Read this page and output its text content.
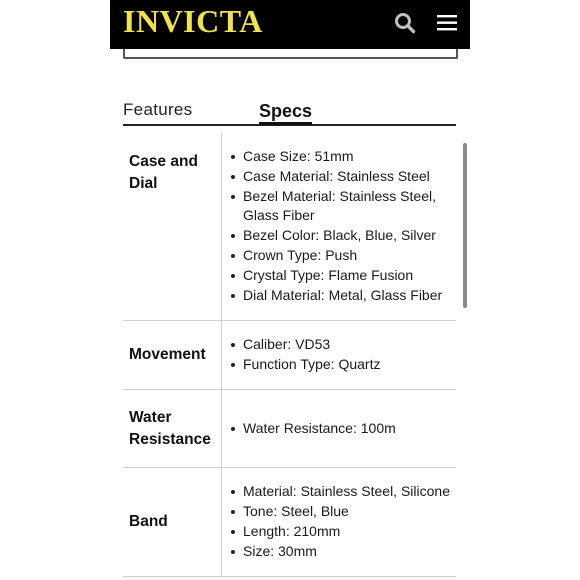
INVICTA
Features	Specs
Case and Dial
Case Size: 51mm
Case Material: Stainless Steel
Bezel Material: Stainless Steel, Glass Fiber
Bezel Color: Black, Blue, Silver
Crown Type: Push
Crystal Type: Flame Fusion
Dial Material: Metal, Glass Fiber
Movement
Caliber: VD53
Function Type: Quartz
Water Resistance
Water Resistance: 100m
Band
Material: Stainless Steel, Silicone
Tone: Steel, Blue
Length: 210mm
Size: 30mm
